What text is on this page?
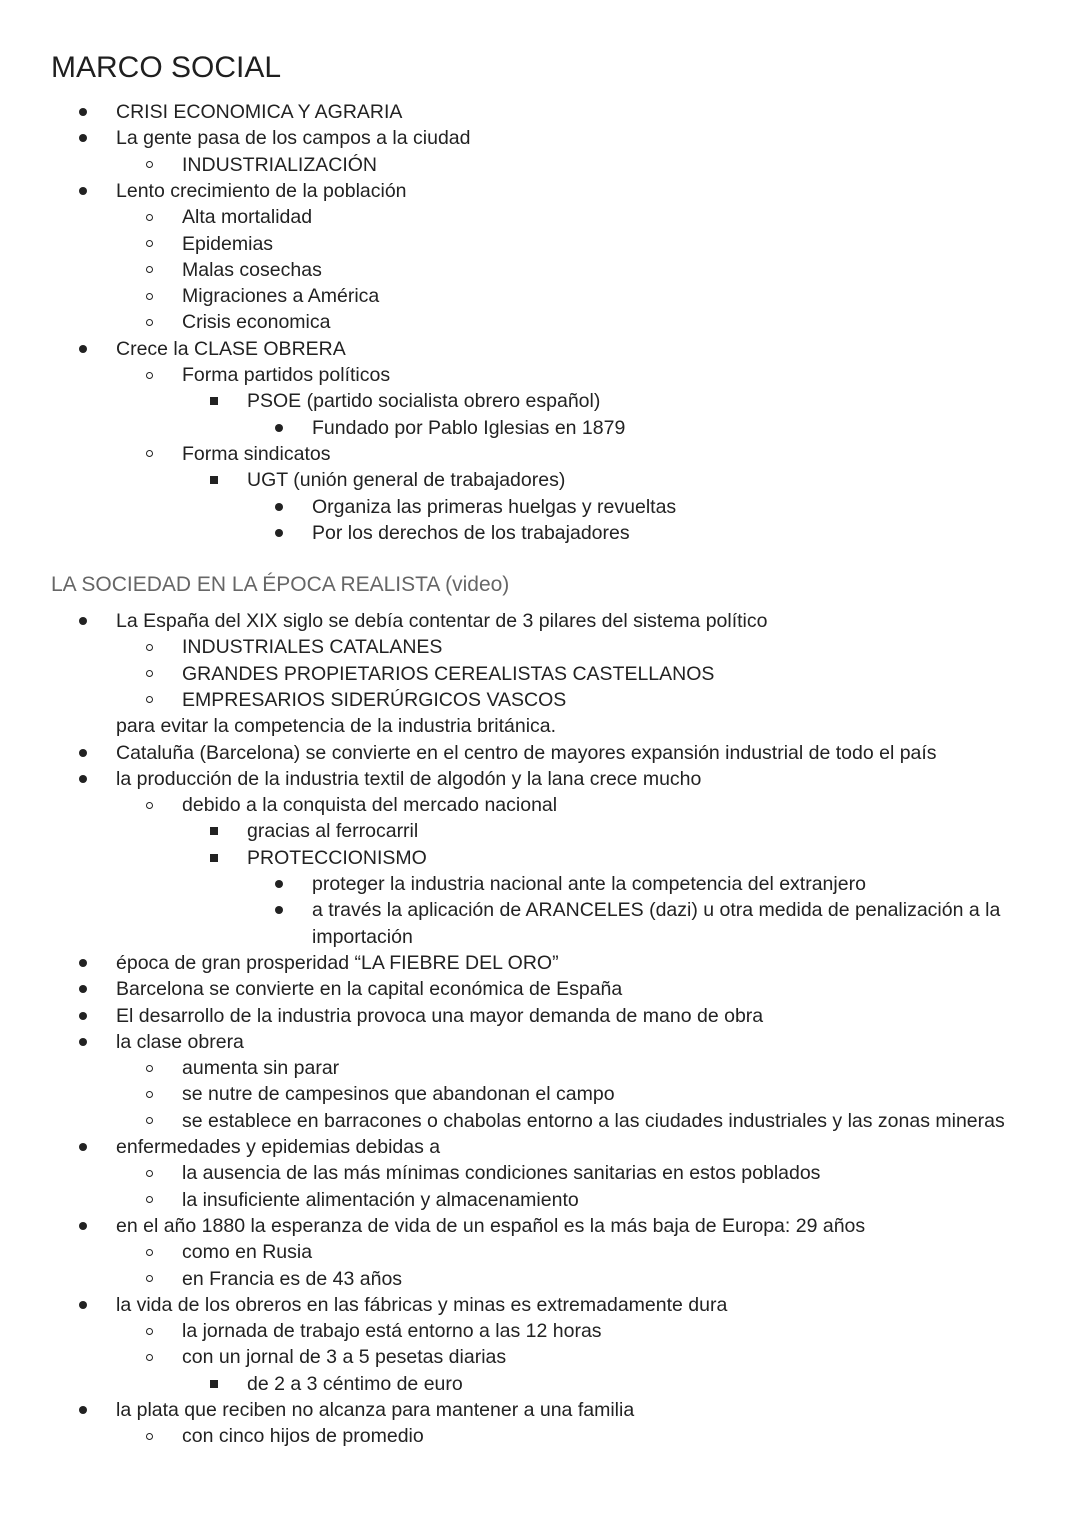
MARCO SOCIAL
CRISI ECONOMICA Y AGRARIA
La gente pasa de los campos a la ciudad
INDUSTRIALIZACIÓN
Lento crecimiento de la población
Alta mortalidad
Epidemias
Malas cosechas
Migraciones a América
Crisis economica
Crece la CLASE OBRERA
Forma partidos políticos
PSOE (partido socialista obrero español)
Fundado por Pablo Iglesias en 1879
Forma sindicatos
UGT (unión general de trabajadores)
Organiza las primeras huelgas y revueltas
Por los derechos de los trabajadores
LA SOCIEDAD EN LA ÉPOCA REALISTA (video)
La España del XIX siglo se debía contentar de 3 pilares del sistema político
INDUSTRIALES CATALANES
GRANDES PROPIETARIOS CEREALISTAS CASTELLANOS
EMPRESARIOS SIDERÚRGICOS VASCOS
para evitar la competencia de la industria británica.
Cataluña (Barcelona) se convierte en el centro de mayores expansión industrial de todo el país
la producción de la industria textil de algodón y la lana crece mucho
debido a la conquista del mercado nacional
gracias al ferrocarril
PROTECCIONISMO
proteger la industria nacional ante la competencia del extranjero
a través la aplicación de ARANCELES (dazi) u otra medida de penalización a la
importación
época de gran prosperidad “LA FIEBRE DEL ORO”
Barcelona se convierte en la capital económica de España
El desarrollo de la industria provoca una mayor demanda de mano de obra
la clase obrera
aumenta sin parar
se nutre de campesinos que abandonan el campo
se establece en barracones o chabolas entorno a las ciudades industriales y las zonas mineras
enfermedades y epidemias debidas a
la ausencia de las más mínimas condiciones sanitarias en estos poblados
la insuficiente alimentación y almacenamiento
en el año 1880 la esperanza de vida de un español es la más baja de Europa: 29 años
como en Rusia
en Francia es de 43 años
la vida de los obreros en las fábricas y minas es extremadamente dura
la jornada de trabajo está entorno a las 12 horas
con un jornal de 3 a 5 pesetas diarias
de 2 a 3 céntimo de euro
la plata que reciben no alcanza para mantener a una familia
con cinco hijos de promedio
